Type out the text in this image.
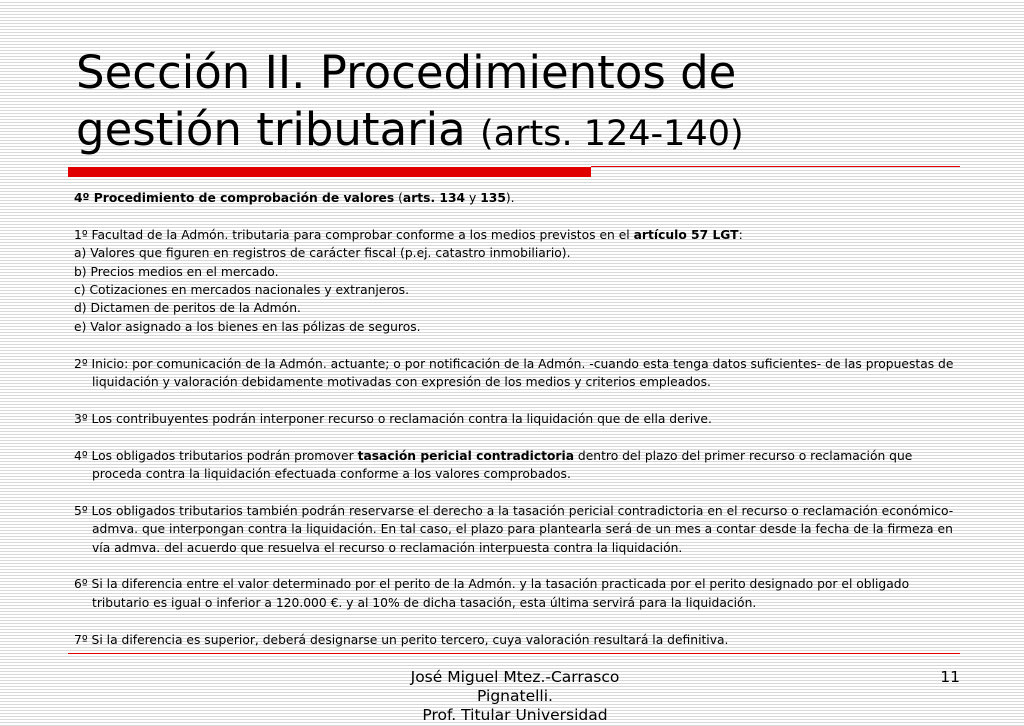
Sección II. Procedimientos de
gestión tributaria (arts. 124-140)

4º Procedimiento de comprobación de valores (arts. 134 y 135).

1º Facultad de la Admón. tributaria para comprobar conforme a los medios previstos en el artículo 57 LGT:

a) Valores que figuren en registros de carácter fiscal (p.ej. catastro inmobiliario).

b) Precios medios en el mercado.

c) Cotizaciones en mercados nacionales y extranjeros.

d) Dictamen de peritos de la Admón.

e) Valor asignado a los bienes en las pólizas de seguros.

2º Inicio: por comunicación de la Admón. actuante; o por notificación de la Admón. -cuando esta tenga datos suficientes- de las propuestas de liquidación y valoración debidamente motivadas con expresión de los medios y criterios empleados.

3º Los contribuyentes podrán interponer recurso o reclamación contra la liquidación que de ella derive.

4º Los obligados tributarios podrán promover tasación pericial contradictoria dentro del plazo del primer recurso o reclamación que proceda contra la liquidación efectuada conforme a los valores comprobados.

5º Los obligados tributarios también podrán reservarse el derecho a la tasación pericial contradictoria en el recurso o reclamación económico-admva. que interpongan contra la liquidación. En tal caso, el plazo para plantearla será de un mes a contar desde la fecha de la firmeza en vía admva. del acuerdo que resuelva el recurso o reclamación interpuesta contra la liquidación.

6º Si la diferencia entre el valor determinado por el perito de la Admón. y la tasación practicada por el perito designado por el obligado tributario es igual o inferior a 120.000 €. y al 10% de dicha tasación, esta última servirá para la liquidación.

7º Si la diferencia es superior, deberá designarse un perito tercero, cuya valoración resultará la definitiva.

José Miguel Mtez.-Carrasco
Pignatelli.
Prof. Titular Universidad
11
